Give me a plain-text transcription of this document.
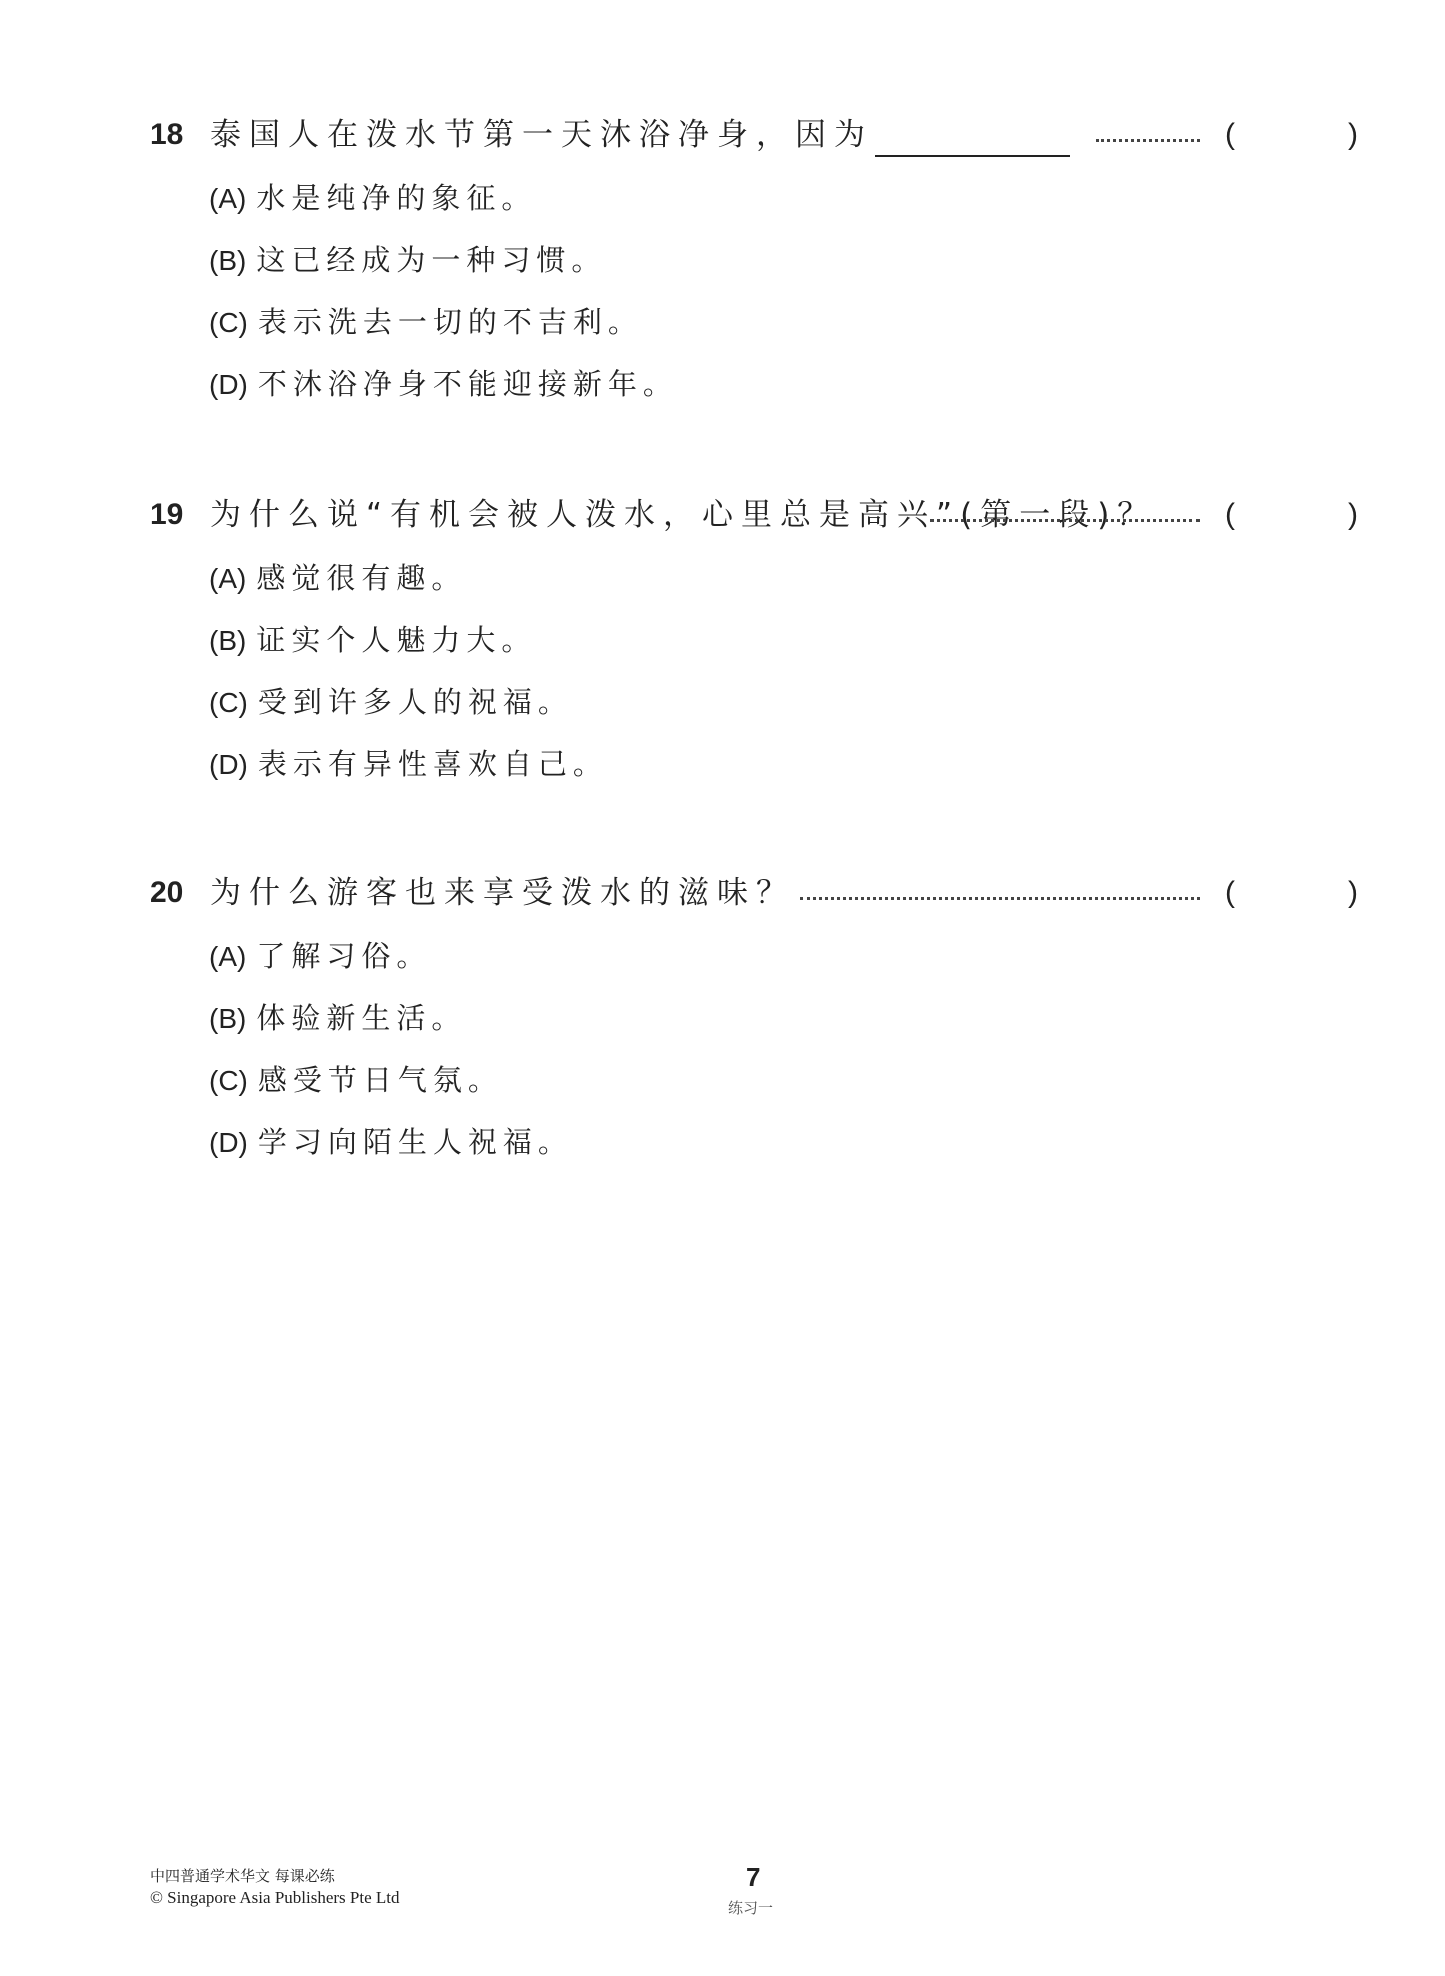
18 泰国人在泼水节第一天沐浴净身，因为	(	)
(A) 水是纯净的象征。
(B) 这已经成为一种习惯。
(C) 表示洗去一切的不吉利。
(D) 不沐浴净身不能迎接新年。
19 为什么说“有机会被人泼水，心里总是高兴”(第一段)？ (	)
(A) 感觉很有趣。
(B) 证实个人魅力大。
(C) 受到许多人的祝福。
(D) 表示有异性喜欢自己。
20 为什么游客也来享受泼水的滋味？	(	)
(A) 了解习俗。
(B) 体验新生活。
(C) 感受节日气氛。
(D) 学习向陌生人祝福。
中四普通学术华文 每课必练
© Singapore Asia Publishers Pte Ltd
7
练习一
